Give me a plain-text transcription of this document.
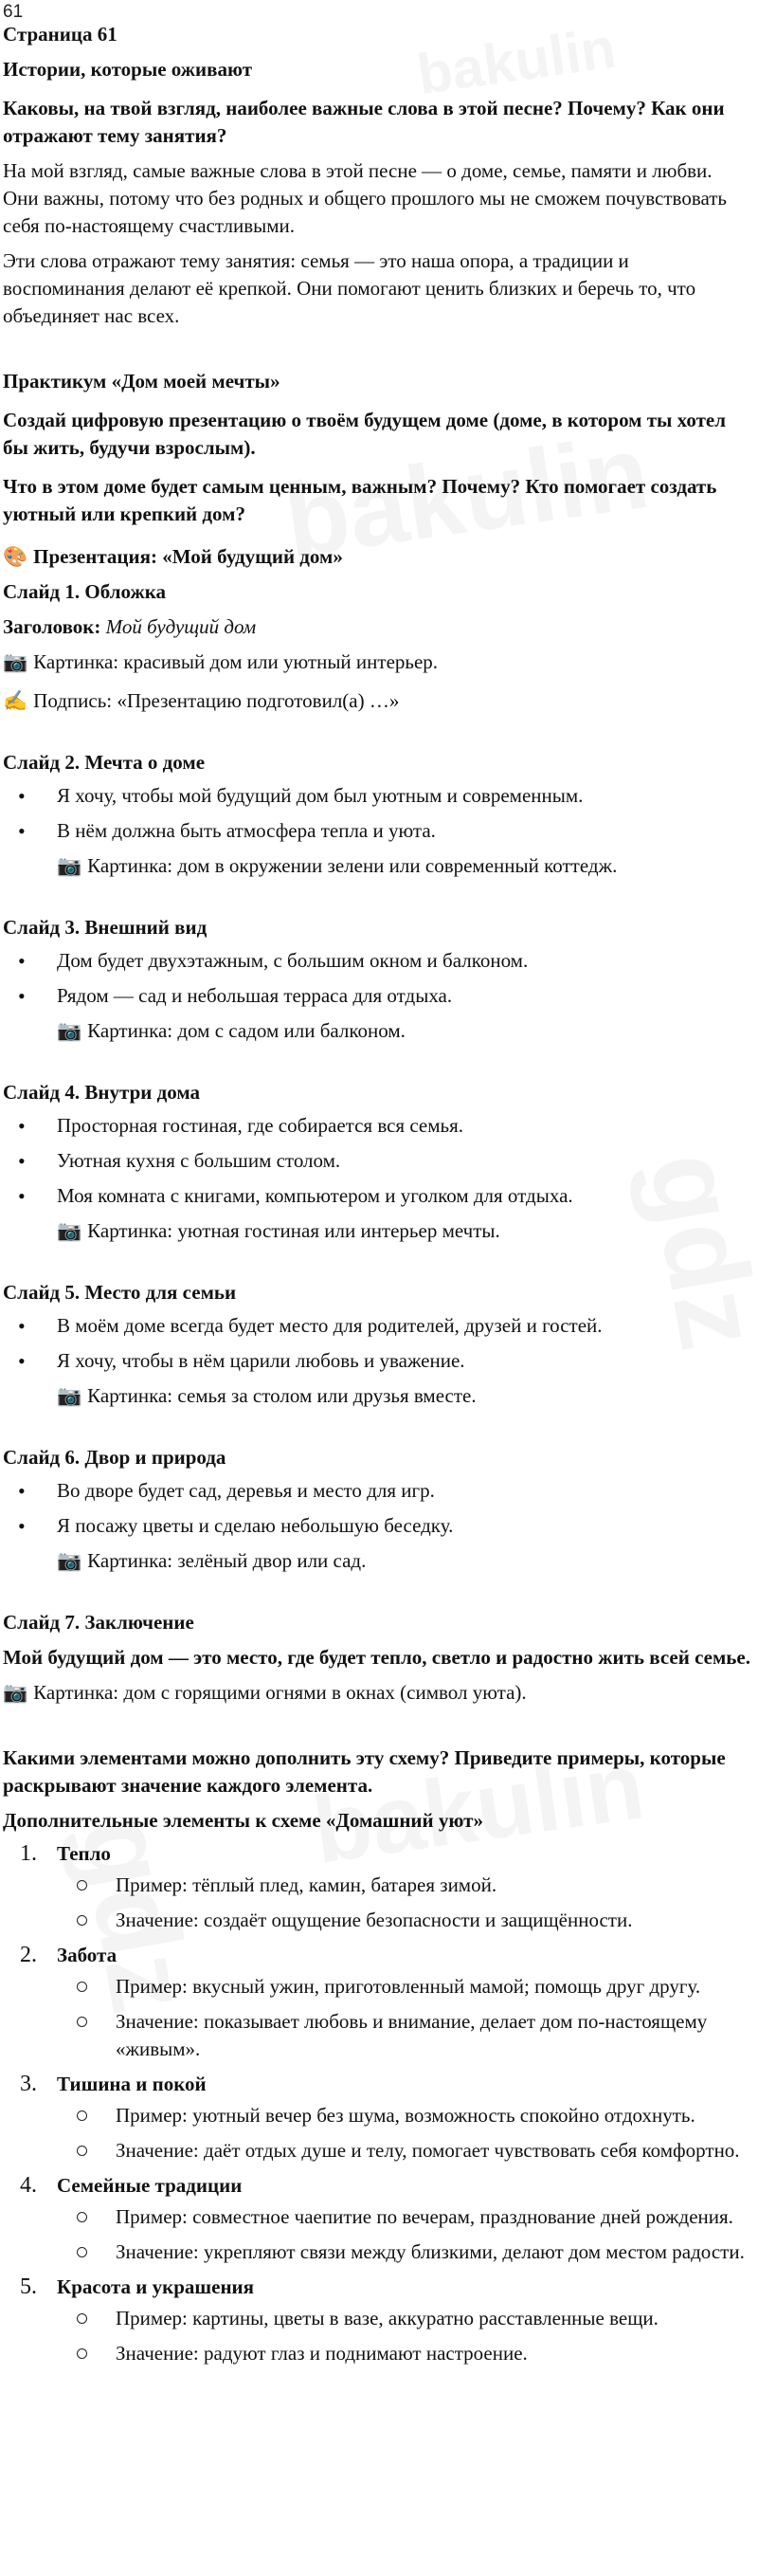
61

Страница 61

Истории, которые оживают

Каковы, на твой взгляд, наиболее важные слова в этой песне? Почему? Как они отражают тему занятия?

На мой взгляд, самые важные слова в этой песне — о доме, семье, памяти и любви.

Они важны, потому что без родных и общего прошлого мы не сможем почувствовать себя по-настоящему счастливыми.

Эти слова отражают тему занятия: семья — это наша опора, а традиции и воспоминания делают её крепкой. Они помогают ценить близких и беречь то, что объединяет нас всех.

Практикум «Дом моей мечты»

Создай цифровую презентацию о твоём будущем доме (доме, в котором ты хотел бы жить, будучи взрослым).

Что в этом доме будет самым ценным, важным? Почему? Кто помогает создать уютный или крепкий дом?

🎨 Презентация: «Мой будущий дом»

Слайд 1. Обложка

Заголовок: Мой будущий дом

📷 Картинка: красивый дом или уютный интерьер.

✍ Подпись: «Презентацию подготовил(а) …»

Слайд 2. Мечта о доме

• Я хочу, чтобы мой будущий дом был уютным и современным.
• В нём должна быть атмосфера тепла и уюта.

📷 Картинка: дом в окружении зелени или современный коттедж.

Слайд 3. Внешний вид

• Дом будет двухэтажным, с большим окном и балконом.
• Рядом — сад и небольшая терраса для отдыха.

📷 Картинка: дом с садом или балконом.

Слайд 4. Внутри дома

• Просторная гостиная, где собирается вся семья.
• Уютная кухня с большим столом.
• Моя комната с книгами, компьютером и уголком для отдыха.

📷 Картинка: уютная гостиная или интерьер мечты.

Слайд 5. Место для семьи

• В моём доме всегда будет место для родителей, друзей и гостей.
• Я хочу, чтобы в нём царили любовь и уважение.

📷 Картинка: семья за столом или друзья вместе.

Слайд 6. Двор и природа

• Во дворе будет сад, деревья и место для игр.
• Я посажу цветы и сделаю небольшую беседку.

📷 Картинка: зелёный двор или сад.

Слайд 7. Заключение

Мой будущий дом — это место, где будет тепло, светло и радостно жить всей семье.

📷 Картинка: дом с горящими огнями в окнах (символ уюта).

Какими элементами можно дополнить эту схему? Приведите примеры, которые раскрывают значение каждого элемента.

Дополнительные элементы к схеме «Домашний уют»

1. Тепло
Пример: тёплый плед, камин, батарея зимой.
Значение: создаёт ощущение безопасности и защищённости.
2. Забота
Пример: вкусный ужин, приготовленный мамой; помощь друг другу.
Значение: показывает любовь и внимание, делает дом по-настоящему «живым».
3. Тишина и покой
Пример: уютный вечер без шума, возможность спокойно отдохнуть.
Значение: даёт отдых душе и телу, помогает чувствовать себя комфортно.
4. Семейные традиции
Пример: совместное чаепитие по вечерам, празднование дней рождения.
Значение: укрепляют связи между близкими, делают дом местом радости.
5. Красота и украшения
Пример: картины, цветы в вазе, аккуратно расставленные вещи.
Значение: радуют глаз и поднимают настроение.
